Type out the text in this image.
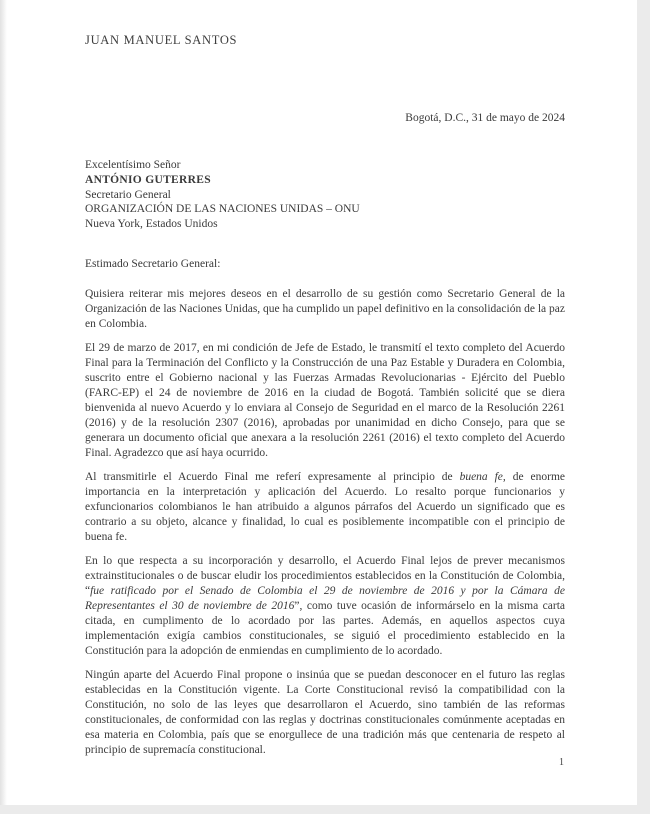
JUAN MANUEL SANTOS
Bogotá, D.C., 31 de mayo de 2024
Excelentísimo Señor
ANTÓNIO GUTERRES
Secretario General
ORGANIZACIÓN DE LAS NACIONES UNIDAS – ONU
Nueva York, Estados Unidos
Estimado Secretario General:

Quisiera reiterar mis mejores deseos en el desarrollo de su gestión como Secretario General de la Organización de las Naciones Unidas, que ha cumplido un papel definitivo en la consolidación de la paz en Colombia.

El 29 de marzo de 2017, en mi condición de Jefe de Estado, le transmití el texto completo del Acuerdo Final para la Terminación del Conflicto y la Construcción de una Paz Estable y Duradera en Colombia, suscrito entre el Gobierno nacional y las Fuerzas Armadas Revolucionarias - Ejército del Pueblo (FARC-EP) el 24 de noviembre de 2016 en la ciudad de Bogotá. También solicité que se diera bienvenida al nuevo Acuerdo y lo enviara al Consejo de Seguridad en el marco de la Resolución 2261 (2016) y de la resolución 2307 (2016), aprobadas por unanimidad en dicho Consejo, para que se generara un documento oficial que anexara a la resolución 2261 (2016) el texto completo del Acuerdo Final. Agradezco que así haya ocurrido.

Al transmitirle el Acuerdo Final me referí expresamente al principio de buena fe, de enorme importancia en la interpretación y aplicación del Acuerdo. Lo resalto porque funcionarios y exfuncionarios colombianos le han atribuido a algunos párrafos del Acuerdo un significado que es contrario a su objeto, alcance y finalidad, lo cual es posiblemente incompatible con el principio de buena fe.

En lo que respecta a su incorporación y desarrollo, el Acuerdo Final lejos de prever mecanismos extrainstitucionales o de buscar eludir los procedimientos establecidos en la Constitución de Colombia, “fue ratificado por el Senado de Colombia el 29 de noviembre de 2016 y por la Cámara de Representantes el 30 de noviembre de 2016”, como tuve ocasión de informárselo en la misma carta citada, en cumplimento de lo acordado por las partes. Además, en aquellos aspectos cuya implementación exigía cambios constitucionales, se siguió el procedimiento establecido en la Constitución para la adopción de enmiendas en cumplimiento de lo acordado.

Ningún aparte del Acuerdo Final propone o insinúa que se puedan desconocer en el futuro las reglas establecidas en la Constitución vigente. La Corte Constitucional revisó la compatibilidad con la Constitución, no solo de las leyes que desarrollaron el Acuerdo, sino también de las reformas constitucionales, de conformidad con las reglas y doctrinas constitucionales comúnmente aceptadas en esa materia en Colombia, país que se enorgullece de una tradición más que centenaria de respeto al principio de supremacía constitucional.

1
